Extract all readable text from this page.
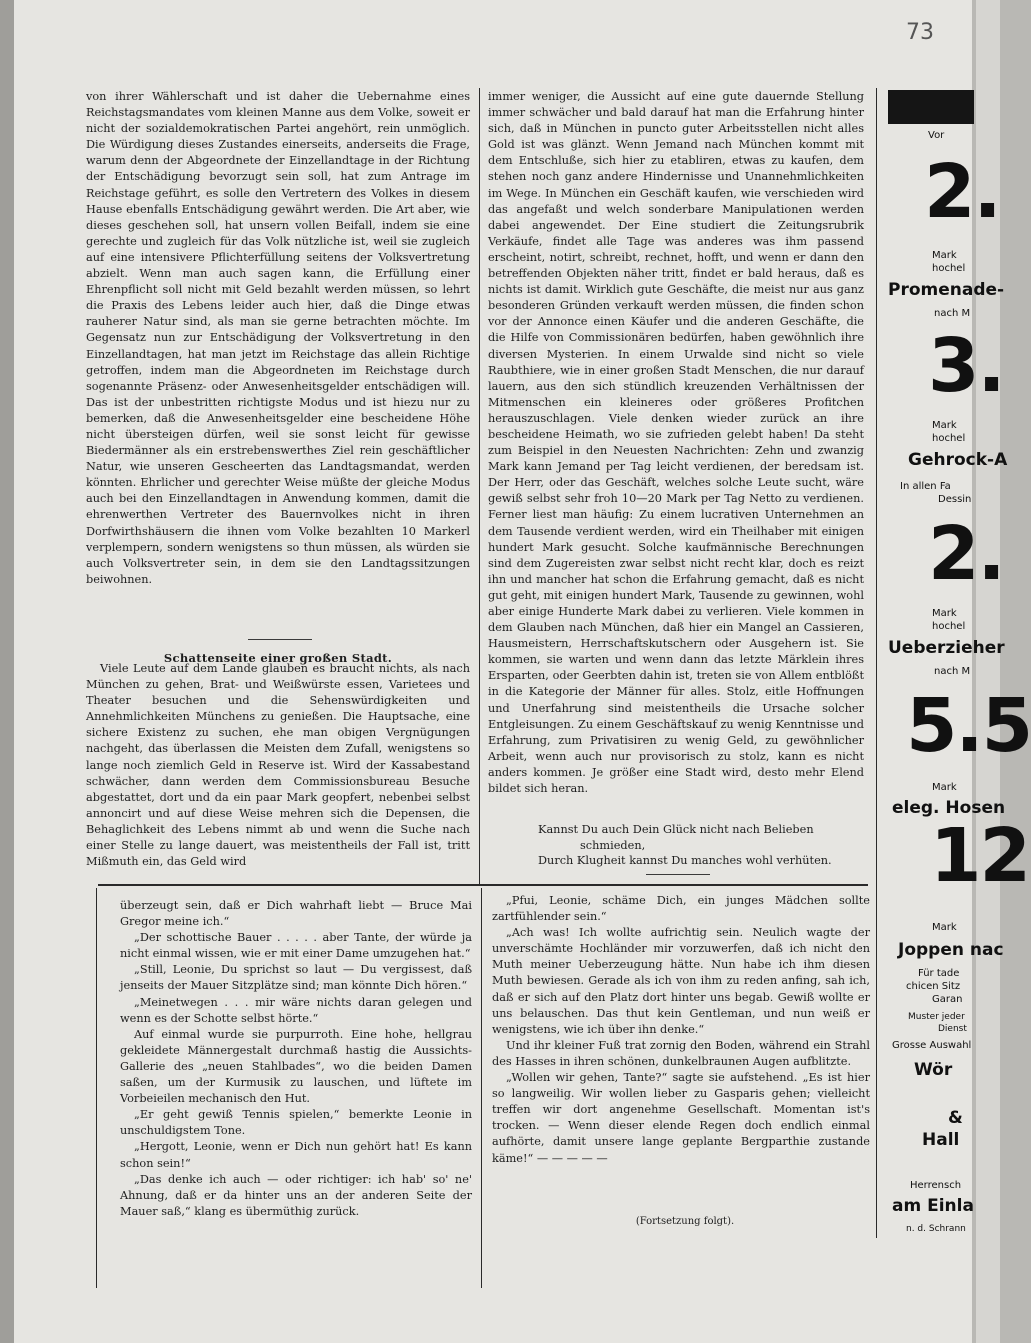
73

von ihrer Wählerschaft und ist daher die Uebernahme eines Reichstagsmandates vom kleinen Manne aus dem Volke, soweit er nicht der sozialdemokratischen Partei angehört, rein unmöglich. Die Würdigung dieses Zustandes einerseits, anderseits die Frage, warum denn der Abgeordnete der Einzellandtage in der Richtung der Entschädigung bevorzugt sein soll, hat zum Antrage im Reichstage geführt, es solle den Vertretern des Volkes in diesem Hause ebenfalls Entschädigung gewährt werden. Die Art aber, wie dieses geschehen soll, hat unsern vollen Beifall, indem sie eine gerechte und zugleich für das Volk nützliche ist, weil sie zugleich auf eine intensivere Pflichterfüllung seitens der Volksvertretung abzielt. Wenn man auch sagen kann, die Erfüllung einer Ehrenpflicht soll nicht mit Geld bezahlt werden müssen, so lehrt die Praxis des Lebens leider auch hier, daß die Dinge etwas rauherer Natur sind, als man sie gerne betrachten möchte. Im Gegensatz nun zur Entschädigung der Volksvertretung in den Einzellandtagen, hat man jetzt im Reichstage das allein Richtige getroffen, indem man die Abgeordneten im Reichstage durch sogenannte Präsenz- oder Anwesenheitsgelder entschädigen will. Das ist der unbestritten richtigste Modus und ist hiezu nur zu bemerken, daß die Anwesenheitsgelder eine bescheidene Höhe nicht übersteigen dürfen, weil sie sonst leicht für gewisse Biedermänner als ein erstrebenswerthes Ziel rein geschäftlicher Natur, wie unseren Gescheerten das Landtagsmandat, werden könnten. Ehrlicher und gerechter Weise müßte der gleiche Modus auch bei den Einzellandtagen in Anwendung kommen, damit die ehrenwerthen Vertreter des Bauernvolkes nicht in ihren Dorfwirthshäusern die ihnen vom Volke bezahlten 10 Markerl verplempern, sondern wenigstens so thun müssen, als würden sie auch Volksvertreter sein, in dem sie den Landtagssitzungen beiwohnen.

Schattenseite einer großen Stadt.

Viele Leute auf dem Lande glauben es braucht nichts, als nach München zu gehen, Brat- und Weißwürste essen, Varietees und Theater besuchen und die Sehenswürdigkeiten und Annehmlichkeiten Münchens zu genießen. Die Hauptsache, eine sichere Existenz zu suchen, ehe man obigen Vergnügungen nachgeht, das überlassen die Meisten dem Zufall, wenigstens so lange noch ziemlich Geld in Reserve ist. Wird der Kassabestand schwächer, dann werden dem Commissionsbureau Besuche abgestattet, dort und da ein paar Mark geopfert, nebenbei selbst annoncirt und auf diese Weise mehren sich die Depensen, die Behaglichkeit des Lebens nimmt ab und wenn die Suche nach einer Stelle zu lange dauert, was meistentheils der Fall ist, tritt Mißmuth ein, das Geld wird

immer weniger, die Aussicht auf eine gute dauernde Stellung immer schwächer und bald darauf hat man die Erfahrung hinter sich, daß in München in puncto guter Arbeitsstellen nicht alles Gold ist was glänzt. Wenn Jemand nach München kommt mit dem Entschluße, sich hier zu etabliren, etwas zu kaufen, dem stehen noch ganz andere Hindernisse und Unannehmlichkeiten im Wege. In München ein Geschäft kaufen, wie verschieden wird das angefaßt und welch sonderbare Manipulationen werden dabei angewendet. Der Eine studiert die Zeitungsrubrik Verkäufe, findet alle Tage was anderes was ihm passend erscheint, notirt, schreibt, rechnet, hofft, und wenn er dann den betreffenden Objekten näher tritt, findet er bald heraus, daß es nichts ist damit. Wirklich gute Geschäfte, die meist nur aus ganz besonderen Gründen verkauft werden müssen, die finden schon vor der Annonce einen Käufer und die anderen Geschäfte, die die Hilfe von Commissionären bedürfen, haben gewöhnlich ihre diversen Mysterien. In einem Urwalde sind nicht so viele Raubthiere, wie in einer großen Stadt Menschen, die nur darauf lauern, aus den sich stündlich kreuzenden Verhältnissen der Mitmenschen ein kleineres oder größeres Profitchen herauszuschlagen. Viele denken wieder zurück an ihre bescheidene Heimath, wo sie zufrieden gelebt haben! Da steht zum Beispiel in den Neuesten Nachrichten: Zehn und zwanzig Mark kann Jemand per Tag leicht verdienen, der beredsam ist. Der Herr, oder das Geschäft, welches solche Leute sucht, wäre gewiß selbst sehr froh 10—20 Mark per Tag Netto zu verdienen. Ferner liest man häufig: Zu einem lucrativen Unternehmen an dem Tausende verdient werden, wird ein Theilhaber mit einigen hundert Mark gesucht. Solche kaufmännische Berechnungen sind dem Zugereisten zwar selbst nicht recht klar, doch es reizt ihn und mancher hat schon die Erfahrung gemacht, daß es nicht gut geht, mit einigen hundert Mark, Tausende zu gewinnen, wohl aber einige Hunderte Mark dabei zu verlieren. Viele kommen in dem Glauben nach München, daß hier ein Mangel an Cassieren, Hausmeistern, Herrschaftskutschern oder Ausgehern ist. Sie kommen, sie warten und wenn dann das letzte Märklein ihres Ersparten, oder Geerbten dahin ist, treten sie von Allem entblößt in die Kategorie der Männer für alles. Stolz, eitle Hoffnungen und Unerfahrung sind meistentheils die Ursache solcher Entgleisungen. Zu einem Geschäftskauf zu wenig Kenntnisse und Erfahrung, zum Privatisiren zu wenig Geld, zu gewöhnlicher Arbeit, wenn auch nur provisorisch zu stolz, kann es nicht anders kommen. Je größer eine Stadt wird, desto mehr Elend bildet sich heran.

Kannst Du auch Dein Glück nicht nach Belieben
schmieden,
Durch Klugheit kannst Du manches wohl verhüten.

überzeugt sein, daß er Dich wahrhaft liebt — Bruce Mai Gregor meine ich.“

„Der schottische Bauer . . . . . aber Tante, der würde ja nicht einmal wissen, wie er mit einer Dame umzugehen hat.“

„Still, Leonie, Du sprichst so laut — Du vergissest, daß jenseits der Mauer Sitzplätze sind; man könnte Dich hören.“

„Meinetwegen . . . mir wäre nichts daran gelegen und wenn es der Schotte selbst hörte.“

Auf einmal wurde sie purpurroth. Eine hohe, hellgrau gekleidete Männergestalt durchmaß hastig die Aussichts-Gallerie des „neuen Stahlbades“, wo die beiden Damen saßen, um der Kurmusik zu lauschen, und lüftete im Vorbeieilen mechanisch den Hut.

„Er geht gewiß Tennis spielen,“ bemerkte Leonie in unschuldigstem Tone.

„Hergott, Leonie, wenn er Dich nun gehört hat! Es kann schon sein!“

„Das denke ich auch — oder richtiger: ich hab' so' ne' Ahnung, daß er da hinter uns an der anderen Seite der Mauer saß,“ klang es übermüthig zurück.

„Pfui, Leonie, schäme Dich, ein junges Mädchen sollte zartfühlender sein.“

„Ach was! Ich wollte aufrichtig sein. Neulich wagte der unverschämte Hochländer mir vorzuwerfen, daß ich nicht den Muth meiner Ueberzeugung hätte. Nun habe ich ihm diesen Muth bewiesen. Gerade als ich von ihm zu reden anfing, sah ich, daß er sich auf den Platz dort hinter uns begab. Gewiß wollte er uns belauschen. Das thut kein Gentleman, und nun weiß er wenigstens, wie ich über ihn denke.“

Und ihr kleiner Fuß trat zornig den Boden, während ein Strahl des Hasses in ihren schönen, dunkelbraunen Augen aufblitzte.

„Wollen wir gehen, Tante?“ sagte sie aufstehend. „Es ist hier so langweilig. Wir wollen lieber zu Gasparis gehen; vielleicht treffen wir dort angenehme Gesellschaft. Momentan ist's trocken. — Wenn dieser elende Regen doch endlich einmal aufhörte, damit unsere lange geplante Bergparthie zustande käme!“ — — — — —

(Fortsetzung folgt).
Vor
2.
Mark
hochel
Promenade-
nach M
3.
Mark
hochel
Gehrock-A
In allen Fa
Dessin
2.
Mark
hochel
Ueberzieher
nach M
5.5
Mark
eleg. Hosen
12
Mark
Joppen nac
Für tade
chicen Sitz
Garan
Muster jeder
Dienst
Grosse Auswahl
Wör
&
Hall
Herrensch
am Einla
n. d. Schrann
